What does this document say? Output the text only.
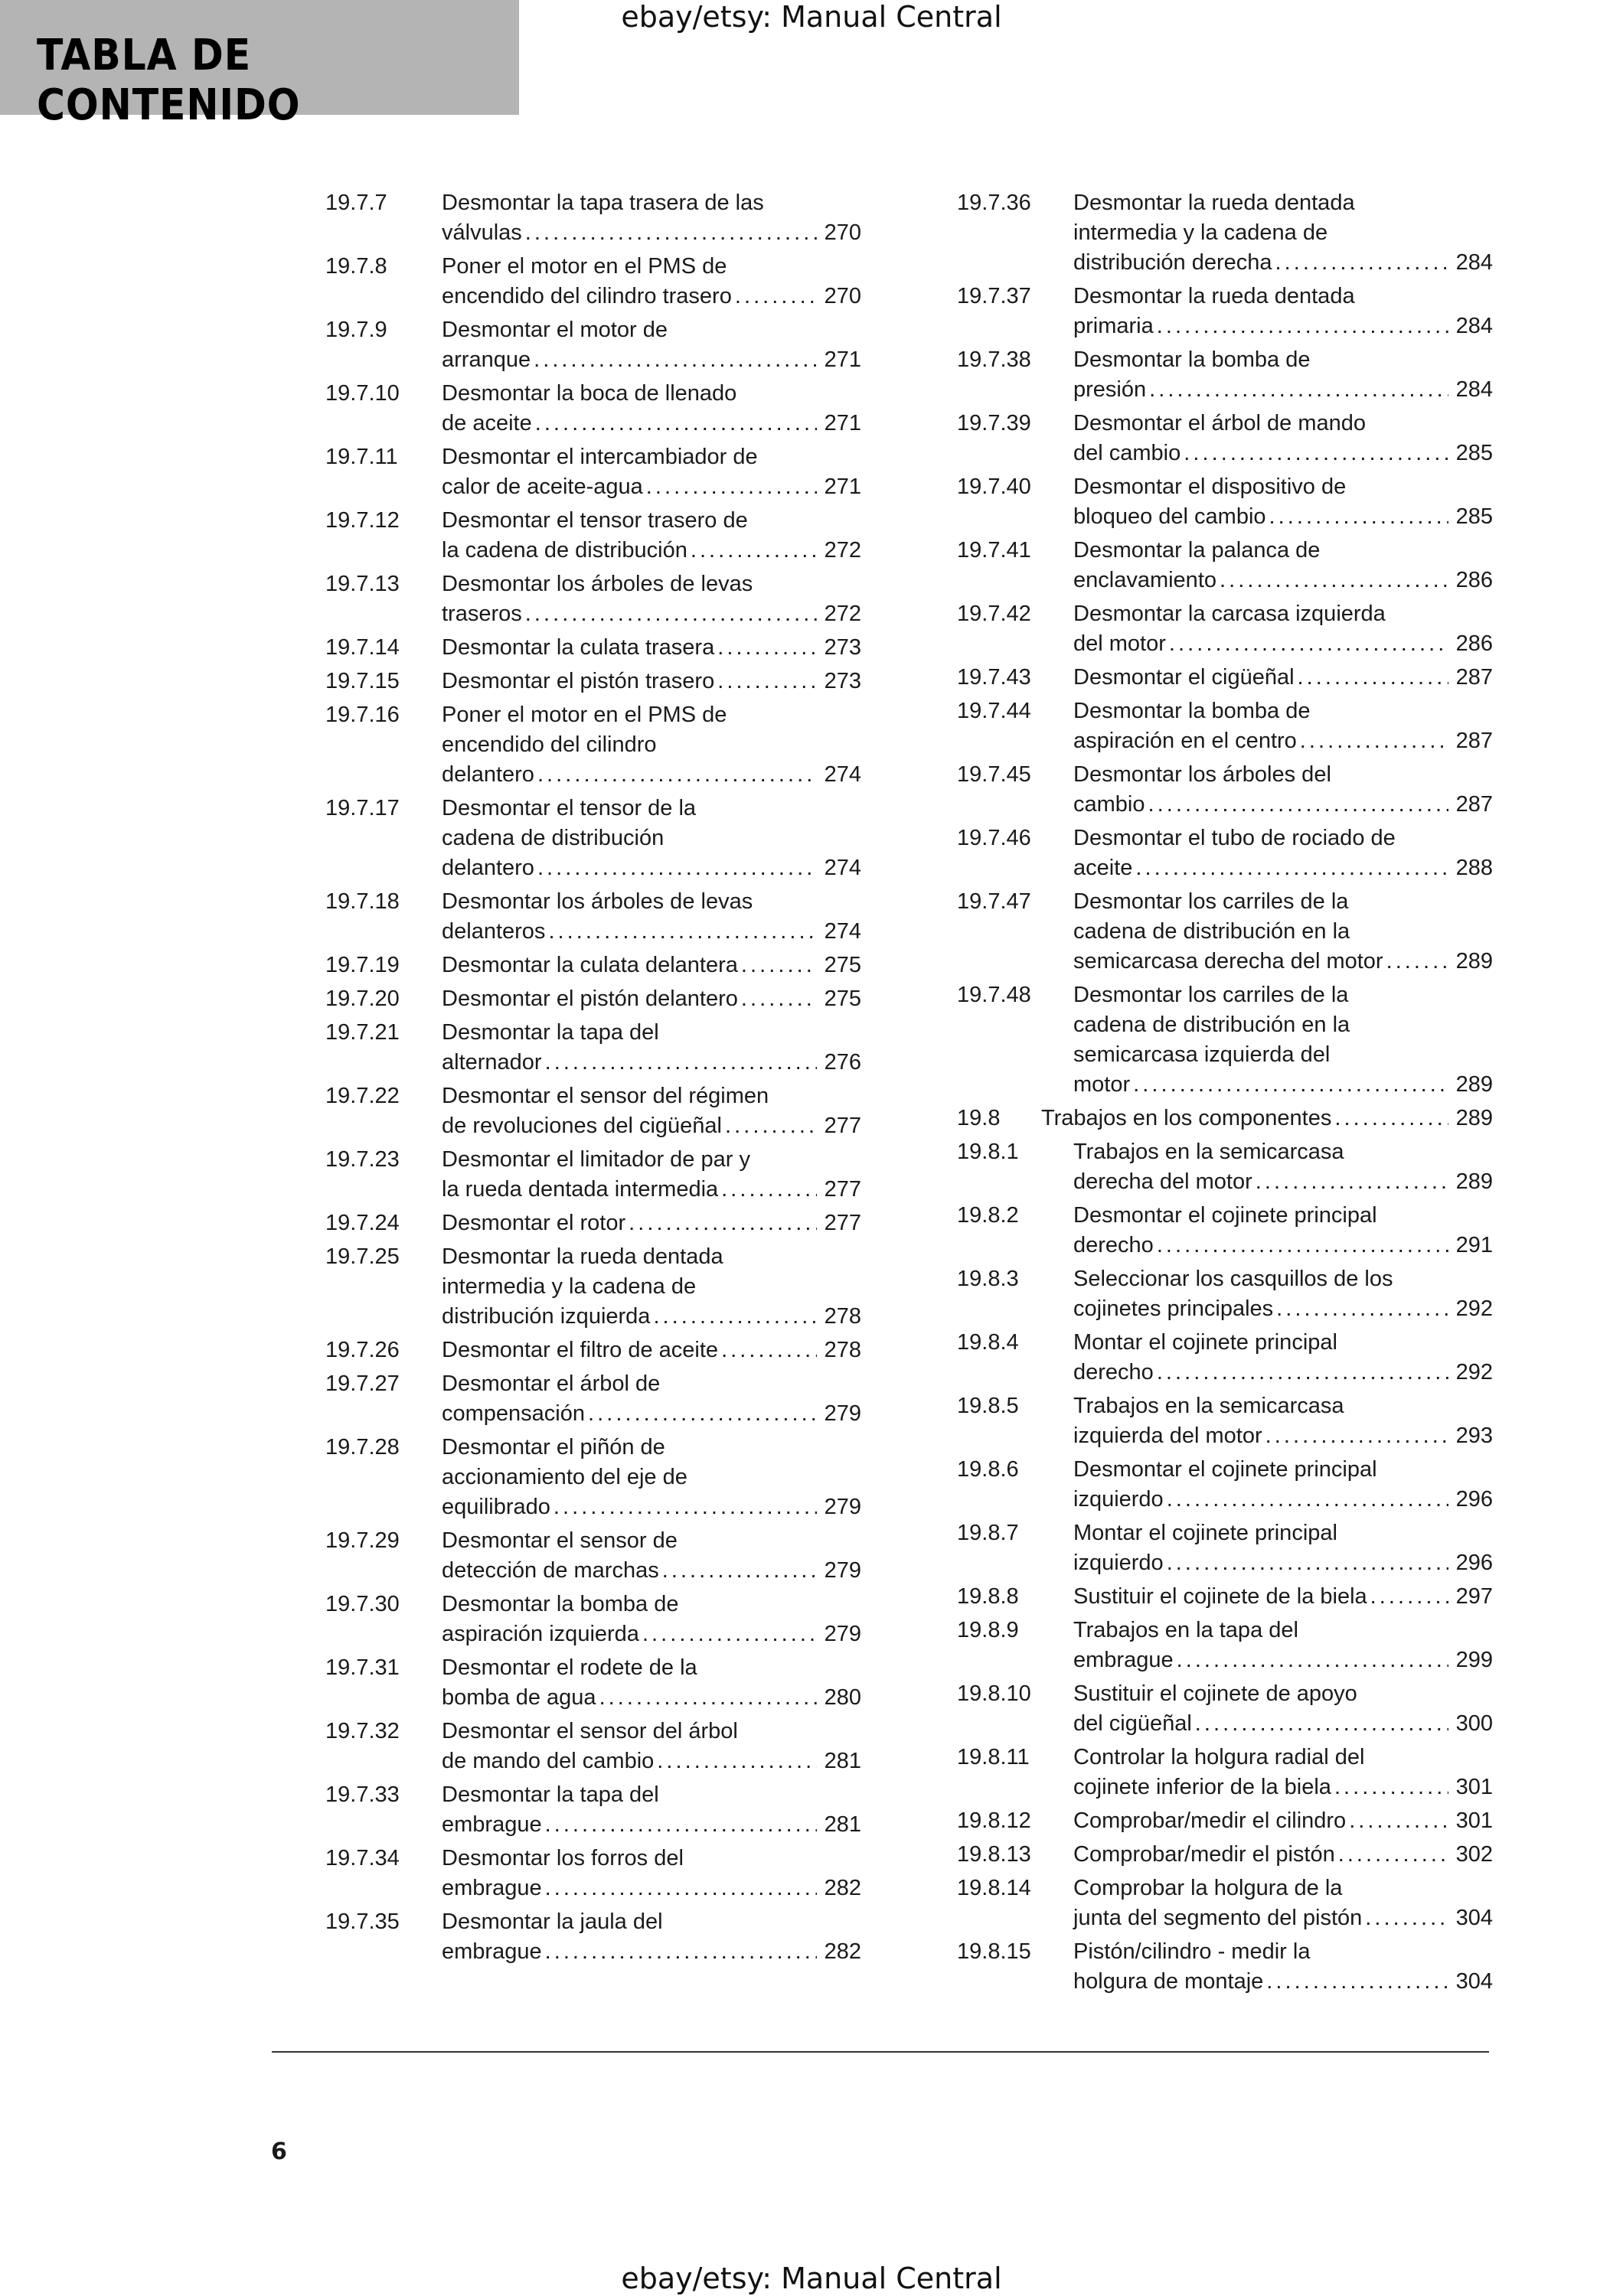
TABLA DE CONTENIDO
ebay/etsy: Manual Central
19.7.7 Desmontar la tapa trasera de las
válvulas . . .	270
19.7.8 Poner el motor en el PMS de
encendido del cilindro trasero . . .	270
19.7.9 Desmontar el motor de
arranque . . .	271
19.7.10 Desmontar la boca de llenado
de aceite . . .	271
19.7.11 Desmontar el intercambiador de
calor de aceite-agua . . .	271
19.7.12 Desmontar el tensor trasero de
la cadena de distribución . . .	272
19.7.13 Desmontar los árboles de levas
traseros . . .	272
19.7.14 Desmontar la culata trasera . . .	273
19.7.15 Desmontar el pistón trasero . . .	273
19.7.16 Poner el motor en el PMS de
encendido del cilindro
delantero . . .	274
19.7.17 Desmontar el tensor de la
cadena de distribución
delantero . . .	274
19.7.18 Desmontar los árboles de levas
delanteros . . .	274
19.7.19 Desmontar la culata delantera . . .	275
19.7.20 Desmontar el pistón delantero . . .	275
19.7.21 Desmontar la tapa del
alternador . . .	276
19.7.22 Desmontar el sensor del régimen
de revoluciones del cigüeñal . . .	277
19.7.23 Desmontar el limitador de par y
la rueda dentada intermedia . . .	277
19.7.24 Desmontar el rotor . . .	277
19.7.25 Desmontar la rueda dentada
intermedia y la cadena de
distribución izquierda . . .	278
19.7.26 Desmontar el filtro de aceite . . .	278
19.7.27 Desmontar el árbol de
compensación . . .	279
19.7.28 Desmontar el piñón de
accionamiento del eje de
equilibrado . . .	279
19.7.29 Desmontar el sensor de
detección de marchas . . .	279
19.7.30 Desmontar la bomba de
aspiración izquierda . . .	279
19.7.31 Desmontar el rodete de la
bomba de agua . . .	280
19.7.32 Desmontar el sensor del árbol
de mando del cambio . . .	281
19.7.33 Desmontar la tapa del
embrague . . .	281
19.7.34 Desmontar los forros del
embrague . . .	282
19.7.35 Desmontar la jaula del
embrague . . .	282
19.7.36 Desmontar la rueda dentada
intermedia y la cadena de
distribución derecha . . .	284
19.7.37 Desmontar la rueda dentada
primaria . . .	284
19.7.38 Desmontar la bomba de
presión . . .	284
19.7.39 Desmontar el árbol de mando
del cambio . . .	285
19.7.40 Desmontar el dispositivo de
bloqueo del cambio . . .	285
19.7.41 Desmontar la palanca de
enclavamiento . . .	286
19.7.42 Desmontar la carcasa izquierda
del motor . . .	286
19.7.43 Desmontar el cigüeñal . . .	287
19.7.44 Desmontar la bomba de
aspiración en el centro . . .	287
19.7.45 Desmontar los árboles del
cambio . . .	287
19.7.46 Desmontar el tubo de rociado de
aceite . . .	288
19.7.47 Desmontar los carriles de la
cadena de distribución en la
semicarcasa derecha del motor . . .	289
19.7.48 Desmontar los carriles de la
cadena de distribución en la
semicarcasa izquierda del
motor . . .	289
19.8 Trabajos en los componentes . . .	289
19.8.1 Trabajos en la semicarcasa
derecha del motor . . .	289
19.8.2 Desmontar el cojinete principal
derecho . . .	291
19.8.3 Seleccionar los casquillos de los
cojinetes principales . . .	292
19.8.4 Montar el cojinete principal
derecho . . .	292
19.8.5 Trabajos en la semicarcasa
izquierda del motor . . .	293
19.8.6 Desmontar el cojinete principal
izquierdo . . .	296
19.8.7 Montar el cojinete principal
izquierdo . . .	296
19.8.8 Sustituir el cojinete de la biela . . .	297
19.8.9 Trabajos en la tapa del
embrague . . .	299
19.8.10 Sustituir el cojinete de apoyo
del cigüeñal . . .	300
19.8.11 Controlar la holgura radial del
cojinete inferior de la biela . . .	301
19.8.12 Comprobar/medir el cilindro . . .	301
19.8.13 Comprobar/medir el pistón . . .	302
19.8.14 Comprobar la holgura de la
junta del segmento del pistón . . .	304
19.8.15 Pistón/cilindro - medir la
holgura de montaje . . .	304
6
ebay/etsy: Manual Central
